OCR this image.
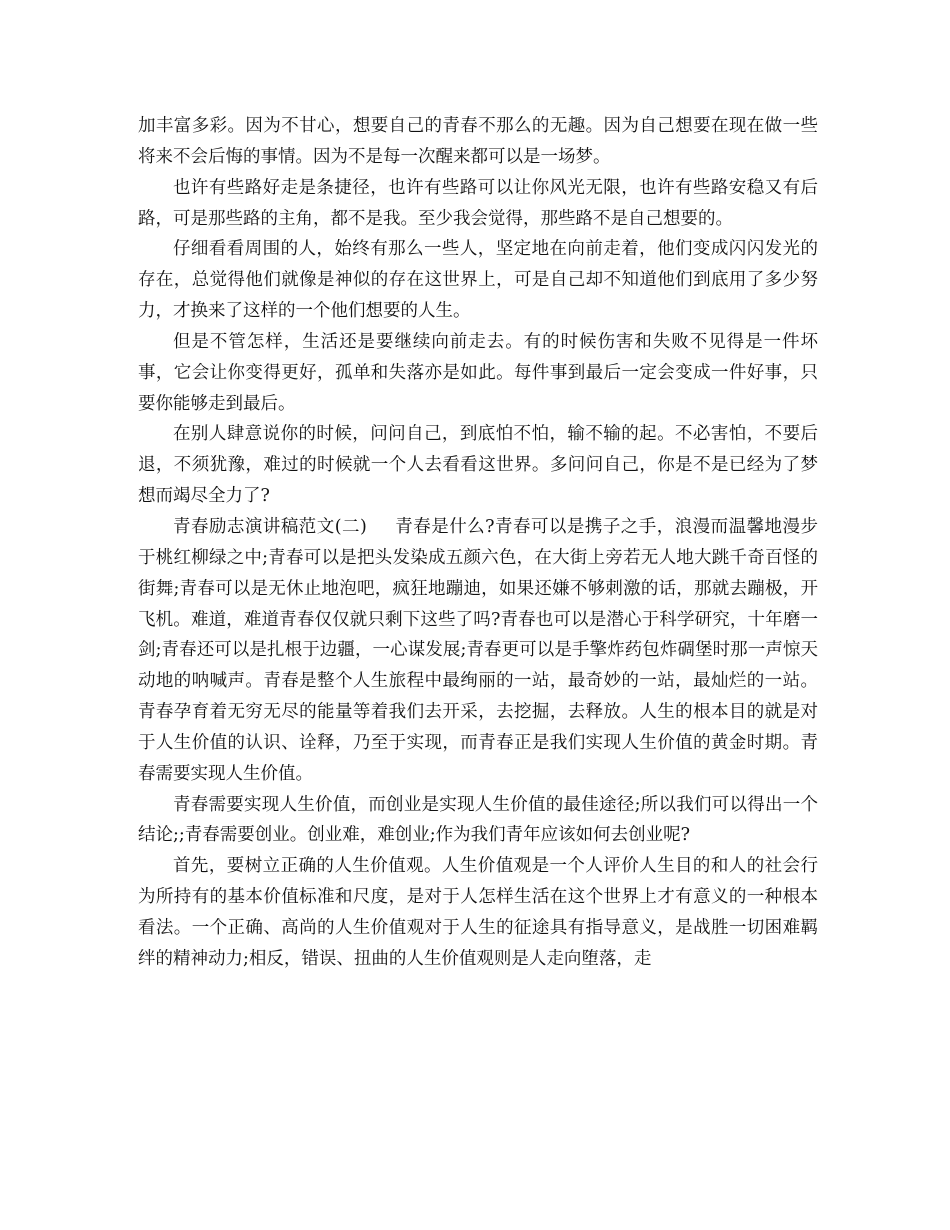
加丰富多彩。因为不甘心，想要自己的青春不那么的无趣。因为自己想要在现在做一些将来不会后悔的事情。因为不是每一次醒来都可以是一场梦。

也许有些路好走是条捷径，也许有些路可以让你风光无限，也许有些路安稳又有后路，可是那些路的主角，都不是我。至少我会觉得，那些路不是自己想要的。

仔细看看周围的人，始终有那么一些人，坚定地在向前走着，他们变成闪闪发光的存在，总觉得他们就像是神似的存在这世界上，可是自己却不知道他们到底用了多少努力，才换来了这样的一个他们想要的人生。

但是不管怎样，生活还是要继续向前走去。有的时候伤害和失败不见得是一件坏事，它会让你变得更好，孤单和失落亦是如此。每件事到最后一定会变成一件好事，只要你能够走到最后。

在别人肆意说你的时候，问问自己，到底怕不怕，输不输的起。不必害怕，不要后退，不须犹豫，难过的时候就一个人去看看这世界。多问问自己，你是不是已经为了梦想而竭尽全力了?

青春励志演讲稿范文(二) 青春是什么?青春可以是携子之手，浪漫而温馨地漫步于桃红柳绿之中;青春可以是把头发染成五颜六色，在大街上旁若无人地大跳千奇百怪的街舞;青春可以是无休止地泡吧，疯狂地蹦迪，如果还嫌不够刺激的话，那就去蹦极，开飞机。难道，难道青春仅仅就只剩下这些了吗?青春也可以是潜心于科学研究，十年磨一剑;青春还可以是扎根于边疆，一心谋发展;青春更可以是手擎炸药包炸碉堡时那一声惊天动地的呐喊声。青春是整个人生旅程中最绚丽的一站，最奇妙的一站，最灿烂的一站。青春孕育着无穷无尽的能量等着我们去开采，去挖掘，去释放。人生的根本目的就是对于人生价值的认识、诠释，乃至于实现，而青春正是我们实现人生价值的黄金时期。青春需要实现人生价值。

青春需要实现人生价值，而创业是实现人生价值的最佳途径;所以我们可以得出一个结论;;青春需要创业。创业难，难创业;作为我们青年应该如何去创业呢?

首先，要树立正确的人生价值观。人生价值观是一个人评价人生目的和人的社会行为所持有的基本价值标准和尺度，是对于人怎样生活在这个世界上才有意义的一种根本看法。一个正确、高尚的人生价值观对于人生的征途具有指导意义，是战胜一切困难羁绊的精神动力;相反，错误、扭曲的人生价值观则是人走向堕落，走
